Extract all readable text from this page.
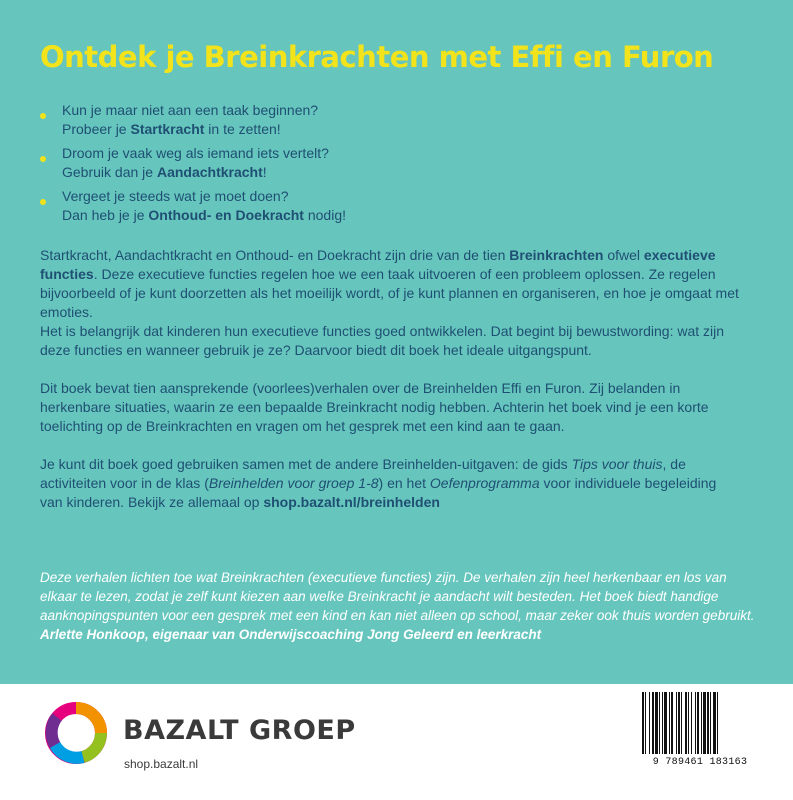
Ontdek je Breinkrachten met Effi en Furon
Kun je maar niet aan een taak beginnen?
Probeer je Startkracht in te zetten!
Droom je vaak weg als iemand iets vertelt?
Gebruik dan je Aandachtkracht!
Vergeet je steeds wat je moet doen?
Dan heb je je Onthoud- en Doekracht nodig!

Startkracht, Aandachtkracht en Onthoud- en Doekracht zijn drie van de tien Breinkrachten ofwel executieve functies. Deze executieve functies regelen hoe we een taak uitvoeren of een probleem oplossen. Ze regelen bijvoorbeeld of je kunt doorzetten als het moeilijk wordt, of je kunt plannen en organiseren, en hoe je omgaat met emoties.
Het is belangrijk dat kinderen hun executieve functies goed ontwikkelen. Dat begint bij bewustwording: wat zijn deze functies en wanneer gebruik je ze? Daarvoor biedt dit boek het ideale uitgangspunt.

Dit boek bevat tien aansprekende (voorlees)verhalen over de Breinhelden Effi en Furon. Zij belanden in herkenbare situaties, waarin ze een bepaalde Breinkracht nodig hebben. Achterin het boek vind je een korte toelichting op de Breinkrachten en vragen om het gesprek met een kind aan te gaan.

Je kunt dit boek goed gebruiken samen met de andere Breinhelden-uitgaven: de gids Tips voor thuis, de activiteiten voor in de klas (Breinhelden voor groep 1-8) en het Oefenprogramma voor individuele begeleiding van kinderen. Bekijk ze allemaal op shop.bazalt.nl/breinhelden

Deze verhalen lichten toe wat Breinkrachten (executieve functies) zijn. De verhalen zijn heel herkenbaar en los van elkaar te lezen, zodat je zelf kunt kiezen aan welke Breinkracht je aandacht wilt besteden. Het boek biedt handige aanknopingspunten voor een gesprek met een kind en kan niet alleen op school, maar zeker ook thuis worden gebruikt.
Arlette Honkoop, eigenaar van Onderwijscoaching Jong Geleerd en leerkracht

BAZALT GROEP
shop.bazalt.nl	9 789461 183163
